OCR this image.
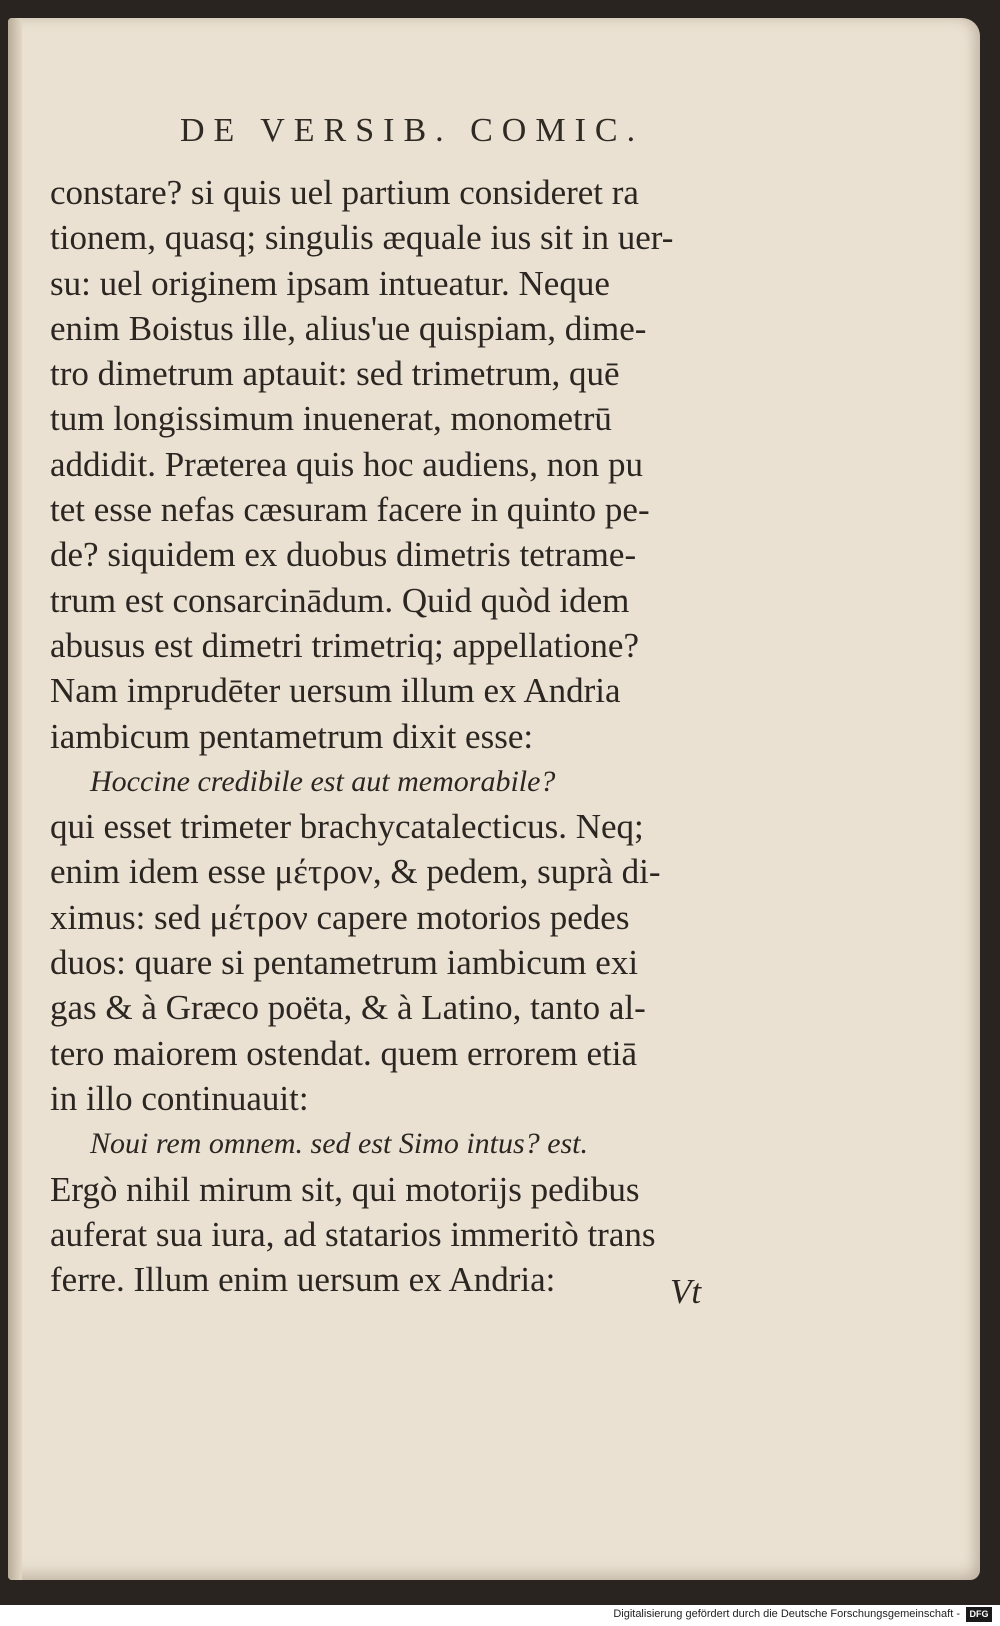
DE VERSIB. COMIC.
constare? si quis uel partium consideret ra
tionem, quasq; singulis æquale ius sit in uer-
su: uel originem ipsam intueatur. Neque
enim Boistus ille, alius'ue quispiam, dime-
tro dimetrum aptauit: sed trimetrum, quē
tum longissimum inuenerat, monometrū
addidit. Præterea quis hoc audiens, non pu
tet esse nefas cæsuram facere in quinto pe-
de? siquidem ex duobus dimetris tetrame-
trum est consarcinādum. Quid quòd idem
abusus est dimetri trimetriq; appellatione?
Nam imprudēter uersum illum ex Andria
iambicum pentametrum dixit esse:
Hoccine credibile est aut memorabile?
qui esset trimeter brachycatalecticus. Neq;
enim idem esse μέτρον, & pedem, suprà di-
ximus: sed μέτρον capere motorios pedes
duos: quare si pentametrum iambicum exi
gas & à Græco poëta, & à Latino, tanto al-
tero maiorem ostendat. quem errorem etiā
in illo continuauit:
Noui rem omnem. sed est Simo intus? est.
Ergò nihil mirum sit, qui motoriјs pedibus
auferat sua iura, ad statarios immeritò trans
ferre. Illum enim uersum ex Andria:	Vt
Digitalisierung gefördert durch die Deutsche Forschungsgemeinschaft -	DFG
